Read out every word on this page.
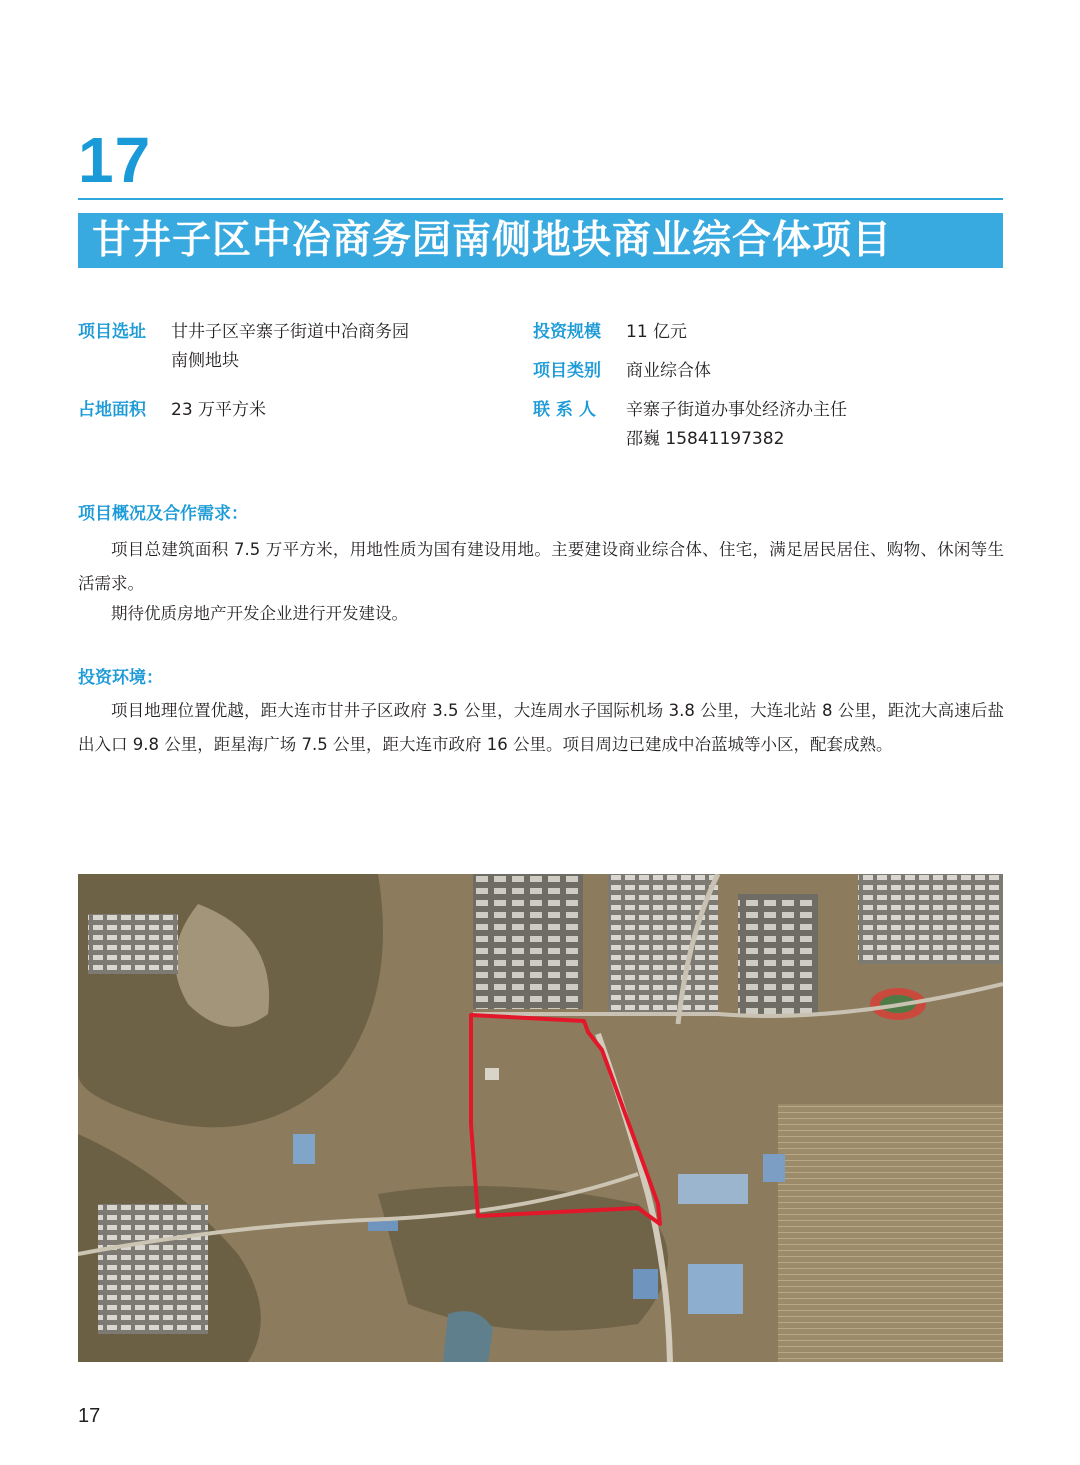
17
甘井子区中冶商务园南侧地块商业综合体项目
项目选址 甘井子区辛寨子街道中冶商务园
南侧地块
占地面积 23 万平方米
投资规模 11 亿元
项目类别 商业综合体
联 系 人 辛寨子街道办事处经济办主任
邵巍 15841197382
项目概况及合作需求：
项目总建筑面积 7.5 万平方米，用地性质为国有建设用地。主要建设商业综合体、住宅，满足居民居住、购物、休闲等生活需求。
期待优质房地产开发企业进行开发建设。
投资环境：
项目地理位置优越，距大连市甘井子区政府 3.5 公里，大连周水子国际机场 3.8 公里，大连北站 8 公里，距沈大高速后盐出入口 9.8 公里，距星海广场 7.5 公里，距大连市政府 16 公里。项目周边已建成中冶蓝城等小区，配套成熟。
17
